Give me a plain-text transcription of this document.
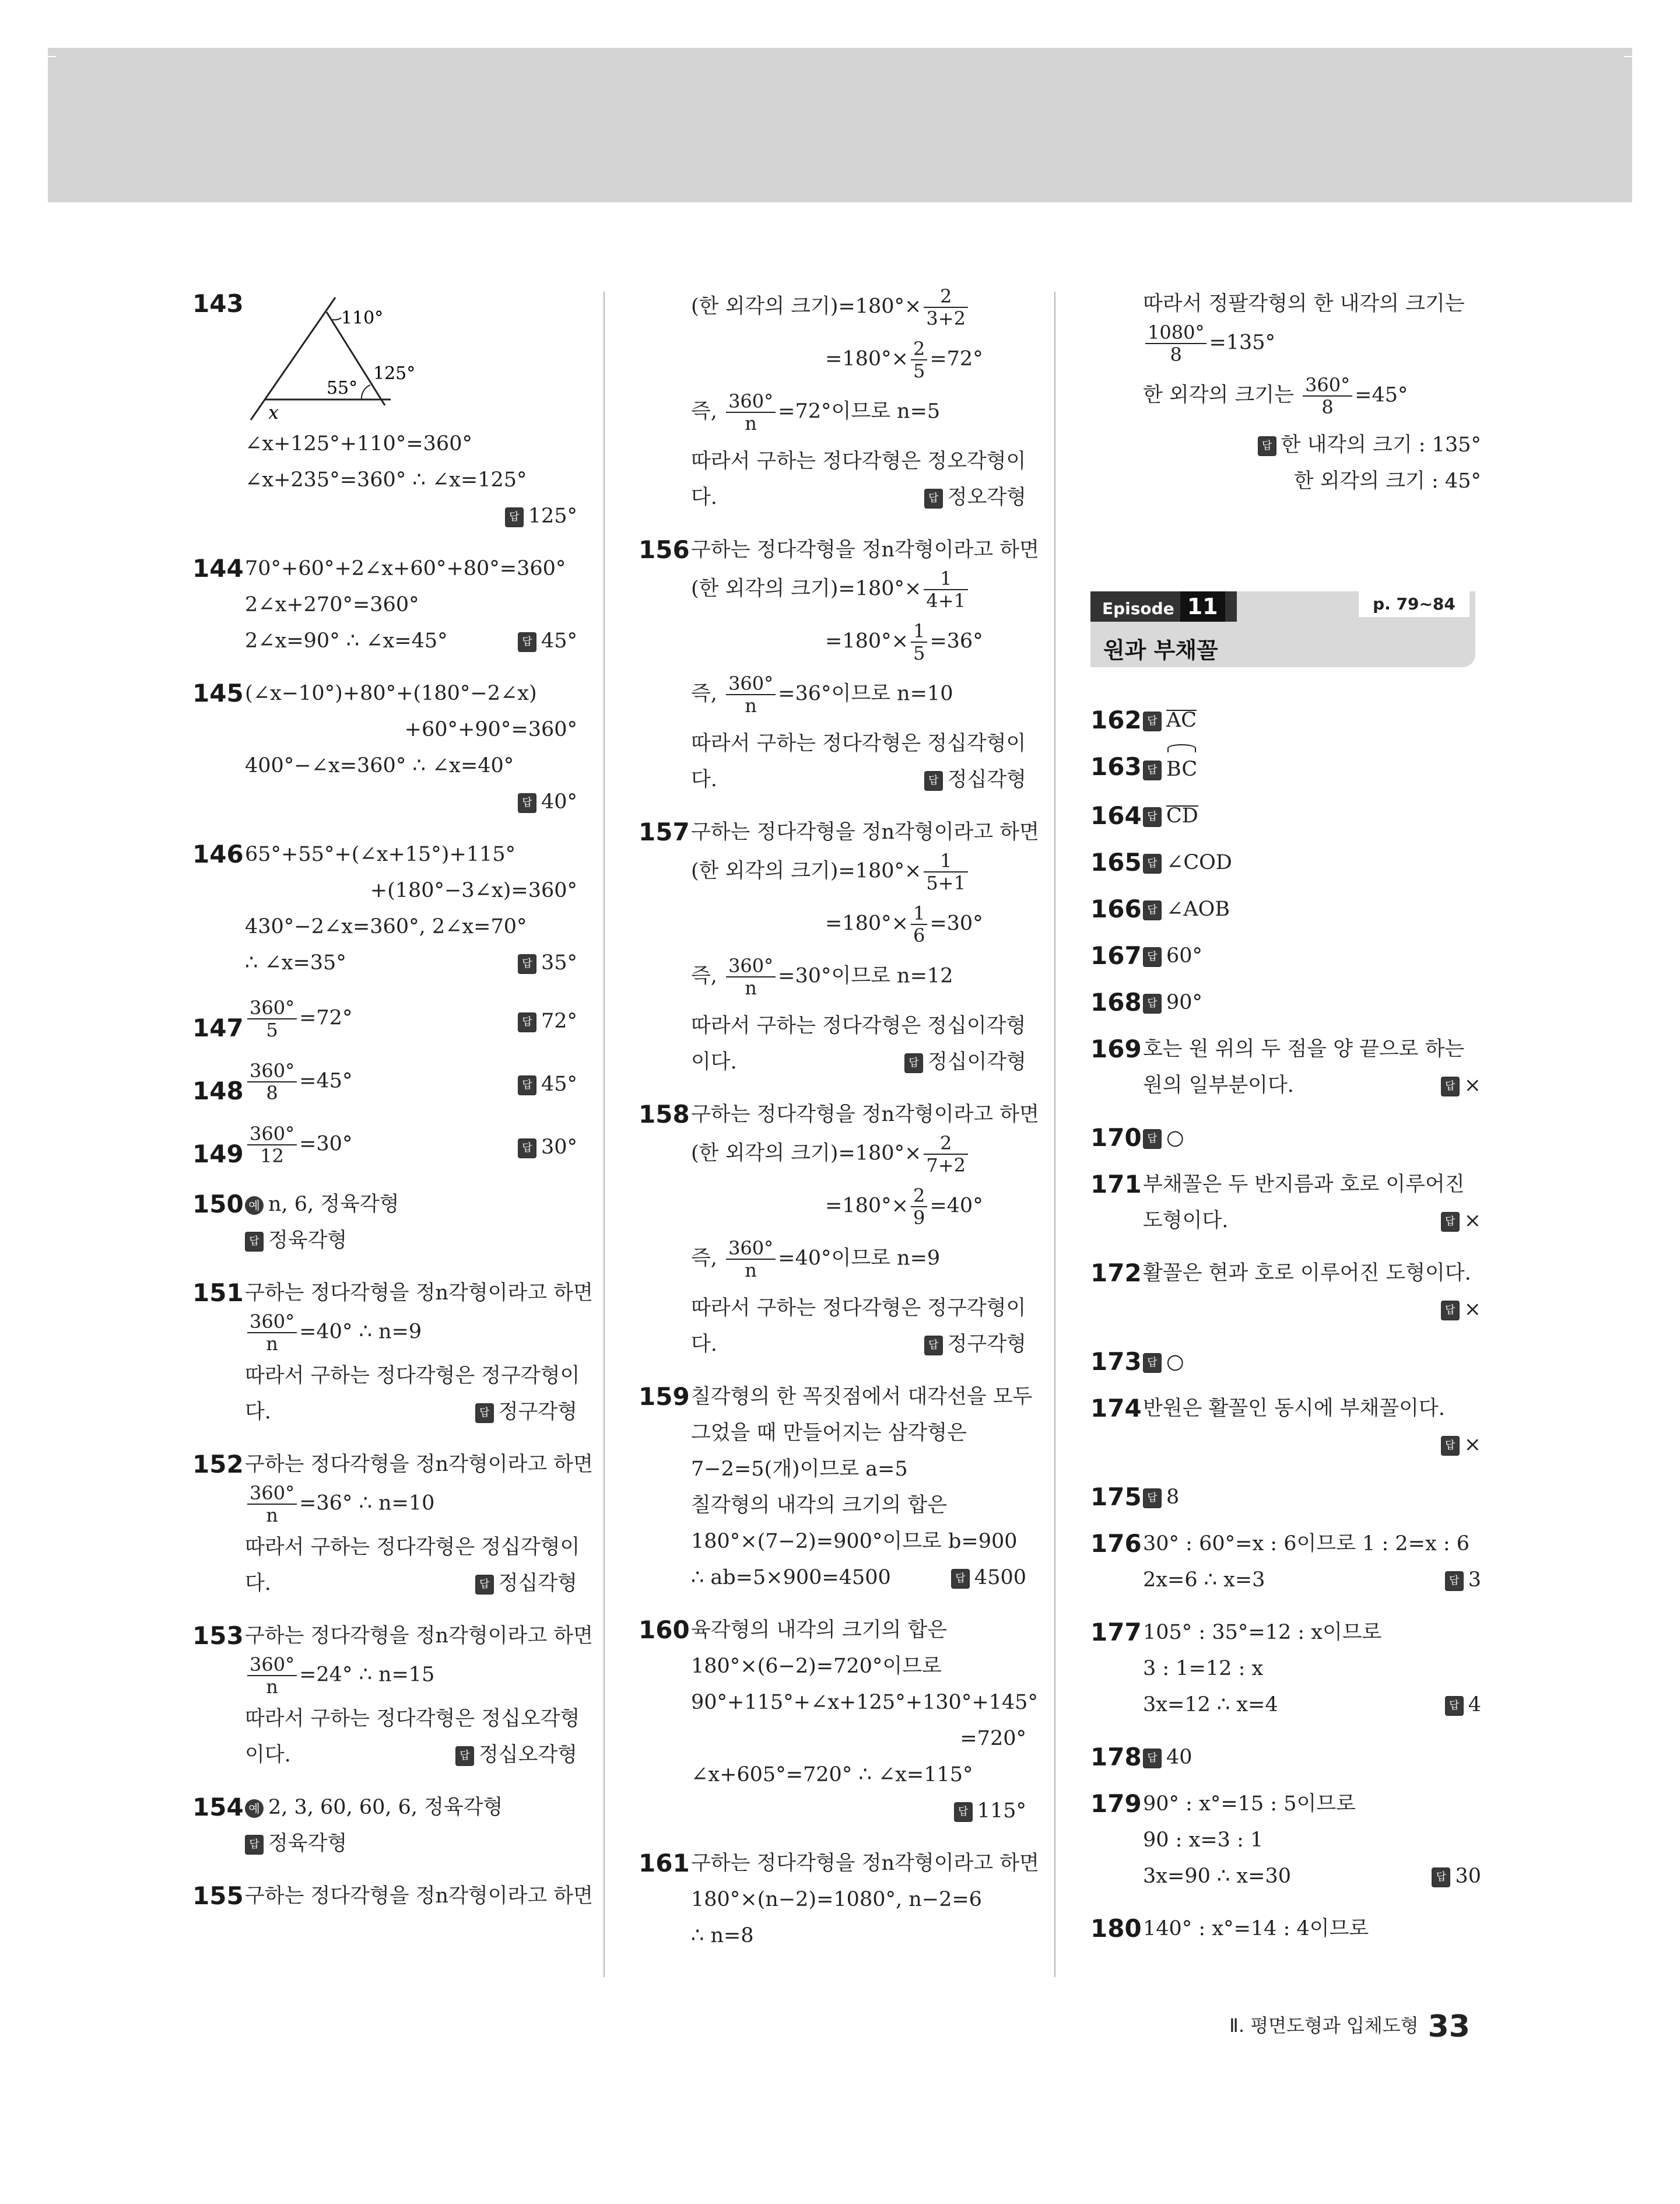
143
110°
125°
55°
x
∠x+125°+110°=360°
∠x+235°=360° ∴ ∠x=125°
답 125°
144 70°+60°+2∠x+60°+80°=360°
2∠x+270°=360°
2∠x=90° ∴ ∠x=45°	답 45°
145 (∠x−10°)+80°+(180°−2∠x)
+60°+90°=360°
400°−∠x=360° ∴ ∠x=40°
답 40°
146 65°+55°+(∠x+15°)+115°
+(180°−3∠x)=360°
430°−2∠x=360°, 2∠x=70°
∴ ∠x=35°	답 35°
$147 \frac{360^\circ}{5} =72^\circ$	답 72°
$148 \frac{360^\circ}{8} =45^\circ$	답 45°
$149 \frac{360^\circ}{12} =30^\circ$	답 30°
150 예 n, 6, 정육각형
답 정육각형
151 구하는 정다각형을 정n각형이라고 하면
$\frac{360^\circ}{n} =40^\circ$ ∴ n=9
따라서 구하는 정다각형은 정구각형이
다.	답 정구각형
152 구하는 정다각형을 정n각형이라고 하면
$\frac{360^\circ}{n} =36^\circ$ ∴ n=10
따라서 구하는 정다각형은 정십각형이
다.	답 정십각형
153 구하는 정다각형을 정n각형이라고 하면
$\frac{360^\circ}{n} =24^\circ$ ∴ n=15
따라서 구하는 정다각형은 정십오각형
이다.	답 정십오각형
154 예 2, 3, 60, 60, 6, 정육각형
답 정육각형
155 구하는 정다각형을 정n각형이라고 하면
(한 외각의 크기)$=180^\circ\times \frac{2}{3+2}$
$=180^\circ\times \frac{2}{5} =72^\circ$
즉, $\frac{360^\circ}{n} =72^\circ$이므로 n=5
따라서 구하는 정다각형은 정오각형이
다.	답 정오각형
156 구하는 정다각형을 정n각형이라고 하면
(한 외각의 크기)$=180^\circ\times \frac{1}{4+1}$
$=180^\circ\times \frac{1}{5} =36^\circ$
즉, $\frac{360^\circ}{n} =36^\circ$이므로 n=10
따라서 구하는 정다각형은 정십각형이
다.	답 정십각형
157 구하는 정다각형을 정n각형이라고 하면
(한 외각의 크기)$=180^\circ\times \frac{1}{5+1}$
$=180^\circ\times \frac{1}{6} =30^\circ$
즉, $\frac{360^\circ}{n} =30^\circ$이므로 n=12
따라서 구하는 정다각형은 정십이각형
이다.	답 정십이각형
158 구하는 정다각형을 정n각형이라고 하면
(한 외각의 크기)$=180^\circ\times \frac{2}{7+2}$
$=180^\circ\times \frac{2}{9} =40^\circ$
즉, $\frac{360^\circ}{n} =40^\circ$이므로 n=9
따라서 구하는 정다각형은 정구각형이
다.	답 정구각형
159 칠각형의 한 꼭짓점에서 대각선을 모두
그었을 때 만들어지는 삼각형은
7−2=5(개)이므로 a=5
칠각형의 내각의 크기의 합은
180°×(7−2)=900°이므로 b=900
∴ ab=5×900=4500	답 4500
160 육각형의 내각의 크기의 합은
180°×(6−2)=720°이므로
90°+115°+∠x+125°+130°+145°
=720°
∠x+605°=720° ∴ ∠x=115°
답 115°
161 구하는 정다각형을 정n각형이라고 하면
180°×(n−2)=1080°, n−2=6
∴ n=8
따라서 정팔각형의 한 내각의 크기는
$\frac{1080^\circ}{8} =135^\circ$
한 외각의 크기는 $\frac{360^\circ}{8} =45^\circ$
답 한 내각의 크기 : 135°
한 외각의 크기 : 45°
Episode 11	p. 79~84
원과 부채꼴
162 답 AC
163 답 BC
164 답 CD
165 답 ∠COD
166 답 ∠AOB
167 답 60°
168 답 90°
169 호는 원 위의 두 점을 양 끝으로 하는
원의 일부분이다.	답 ×
170 답 ○
171 부채꼴은 두 반지름과 호로 이루어진
도형이다.	답 ×
172 활꼴은 현과 호로 이루어진 도형이다.
답 ×
173 답 ○
174 반원은 활꼴인 동시에 부채꼴이다.
답 ×
175 답 8
176 30° : 60°=x : 6이므로 1 : 2=x : 6
2x=6 ∴ x=3	답 3
177 105° : 35°=12 : x이므로
3 : 1=12 : x
3x=12 ∴ x=4	답 4
178 답 40
179 90° : x°=15 : 5이므로
90 : x=3 : 1
3x=90 ∴ x=30	답 30
180 140° : x°=14 : 4이므로
Ⅱ. 평면도형과 입체도형 33
